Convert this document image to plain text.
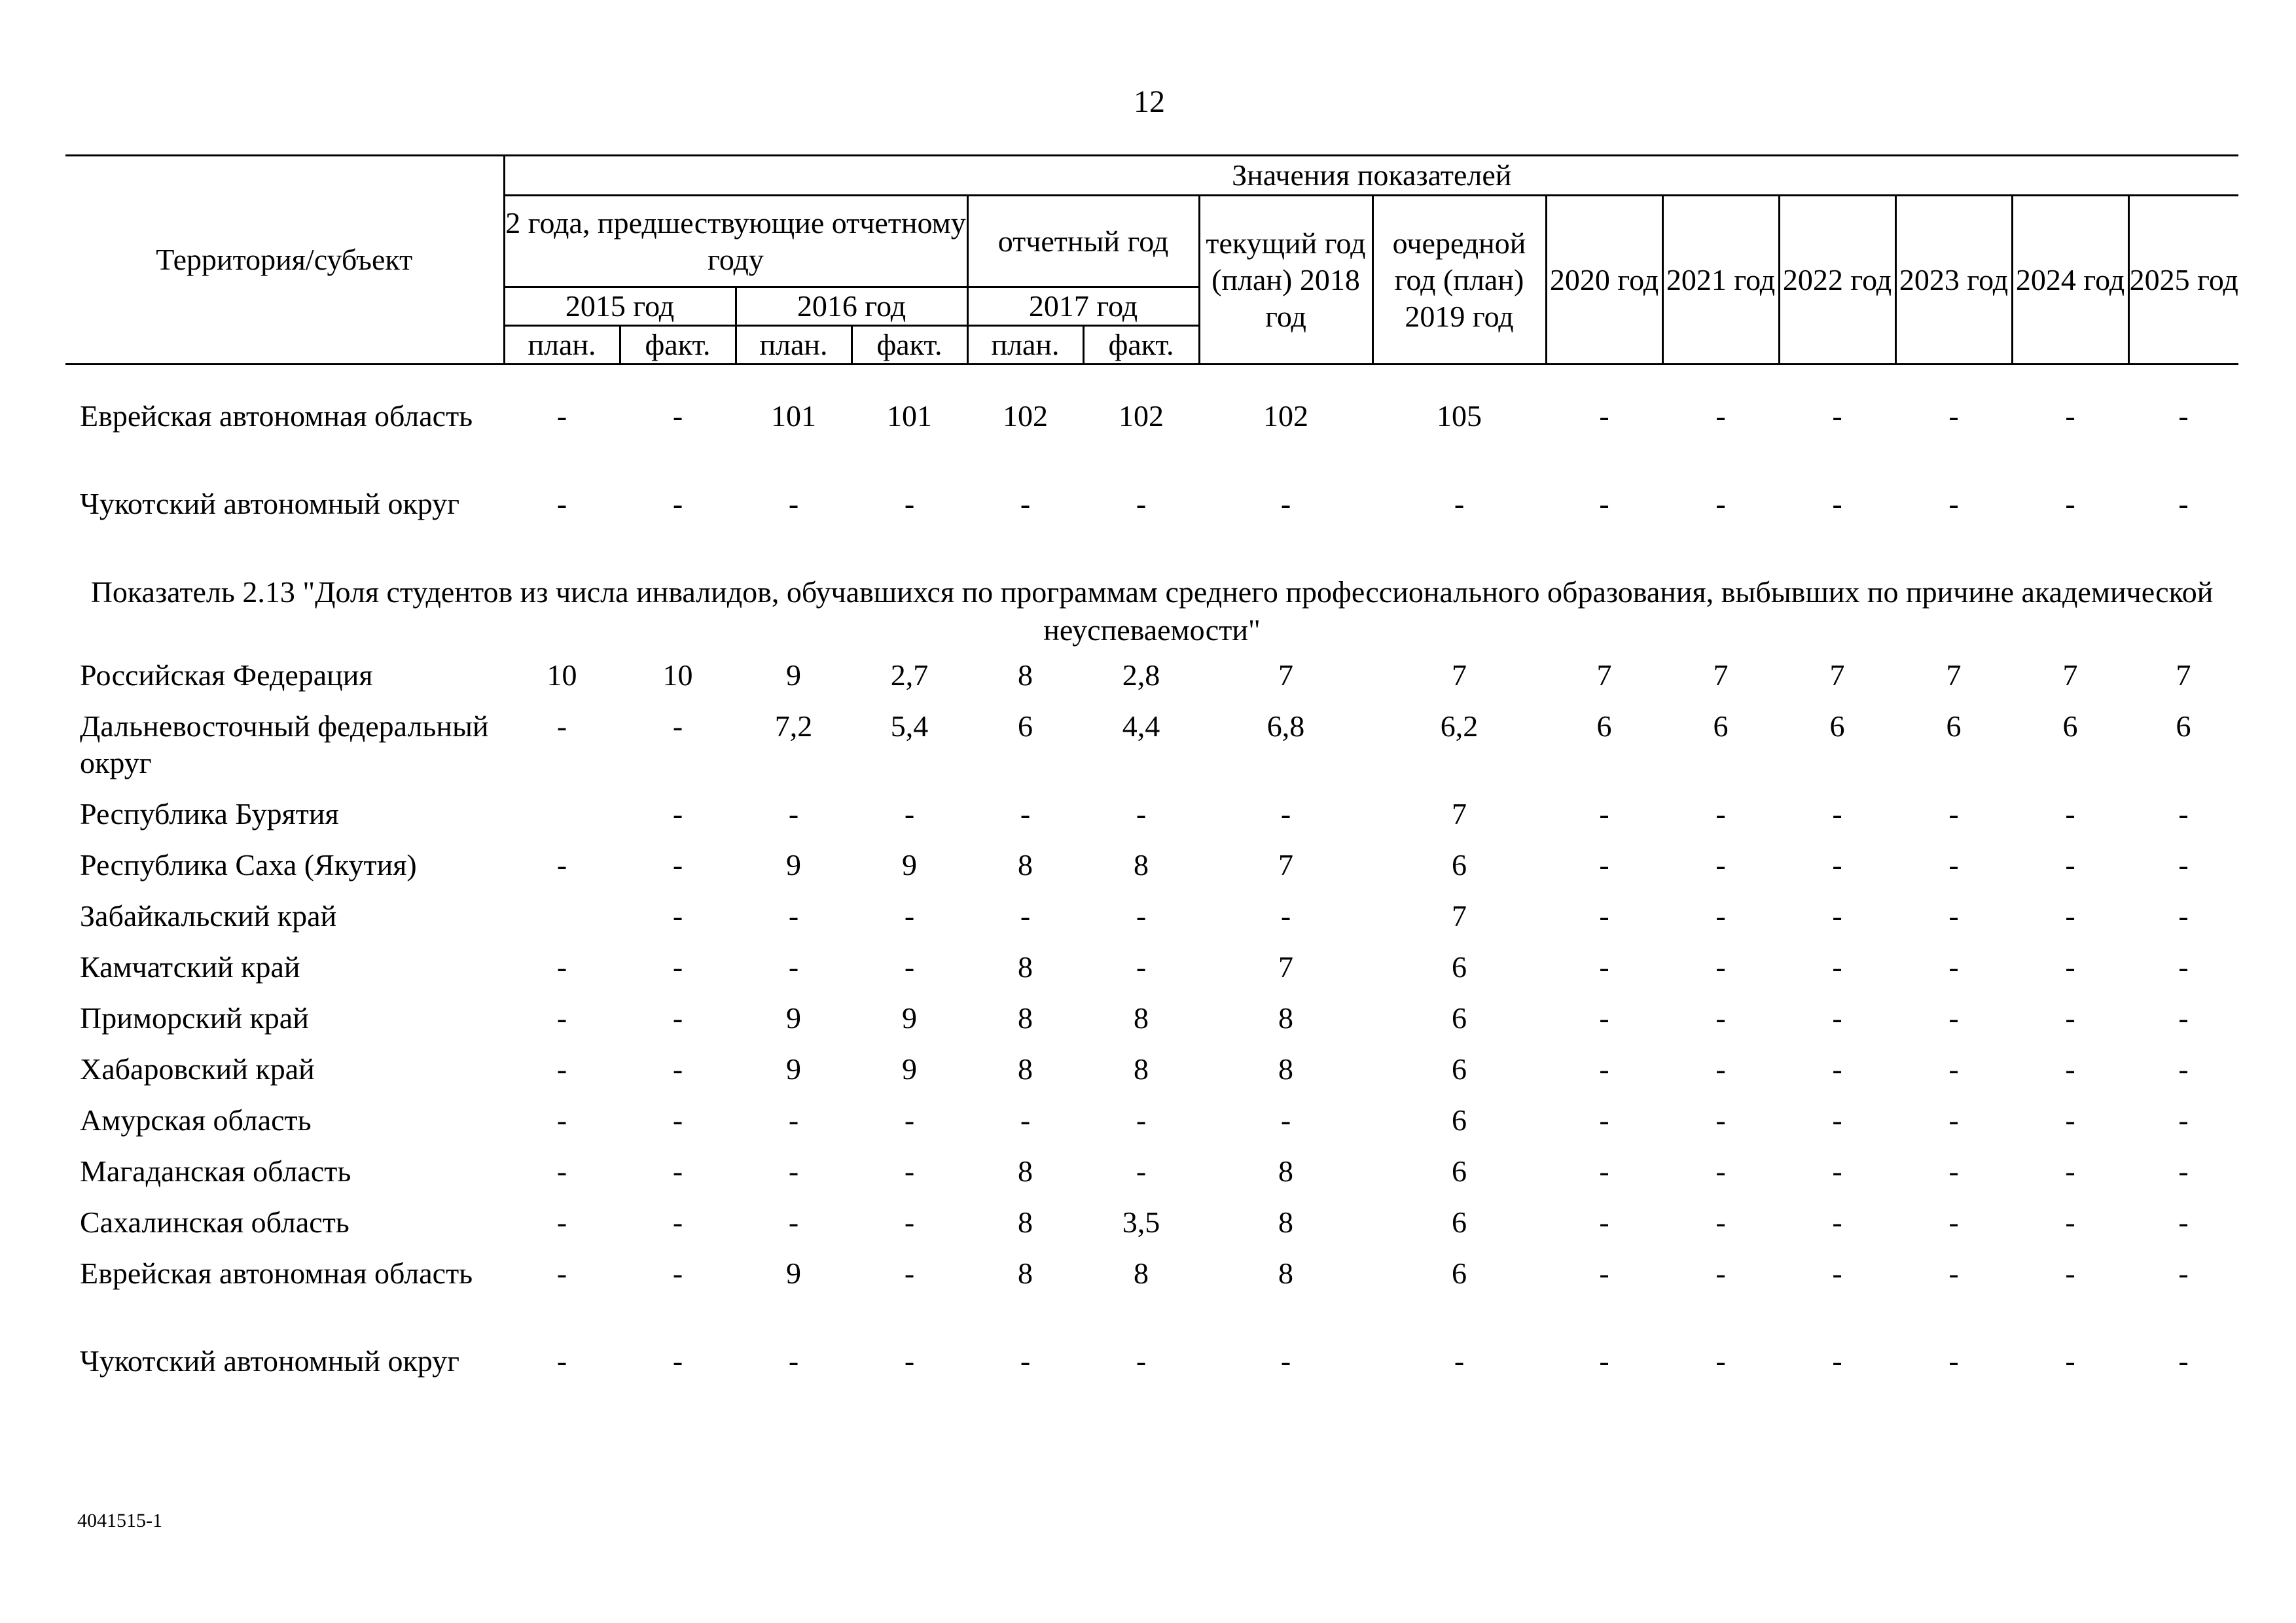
12
Территория/субъект	Значения показателей													
	2 года, предшествующие отчетному году				отчетный год		текущий год (план) 2018 год	очередной год (план) 2019 год	2020 год	2021 год	2022 год	2023 год	2024 год	2025 год
	2015 год		2016 год		2017 год									
	план.	факт.	план.	факт.	план.	факт.								

Еврейская автономная область	-	-	101	101	102	102	102	105	-	-	-	-	-	-
Чукотский автономный округ	-	-	-	-	-	-	-	-	-	-	-	-	-	-
Показатель 2.13 "Доля студентов из числа инвалидов, обучавшихся по программам среднего профессионального образования, выбывших по причине академической неуспеваемости"														
Российская Федерация	10	10	9	2,7	8	2,8	7	7	7	7	7	7	7	7
Дальневосточный федеральный округ	-	-	7,2	5,4	6	4,4	6,8	6,2	6	6	6	6	6	6
Республика Бурятия		-	-	-	-	-	-	7	-	-	-	-	-	-
Республика Саха (Якутия)	-	-	9	9	8	8	7	6	-	-	-	-	-	-
Забайкальский край		-	-	-	-	-	-	7	-	-	-	-	-	-
Камчатский край	-	-	-	-	8	-	7	6	-	-	-	-	-	-
Приморский край	-	-	9	9	8	8	8	6	-	-	-	-	-	-
Хабаровский край	-	-	9	9	8	8	8	6	-	-	-	-	-	-
Амурская область	-	-	-	-	-	-	-	6	-	-	-	-	-	-
Магаданская область	-	-	-	-	8	-	8	6	-	-	-	-	-	-
Сахалинская область	-	-	-	-	8	3,5	8	6	-	-	-	-	-	-
Еврейская автономная область	-	-	9	-	8	8	8	6	-	-	-	-	-	-
Чукотский автономный округ	-	-	-	-	-	-	-	-	-	-	-	-	-	-
4041515-1
